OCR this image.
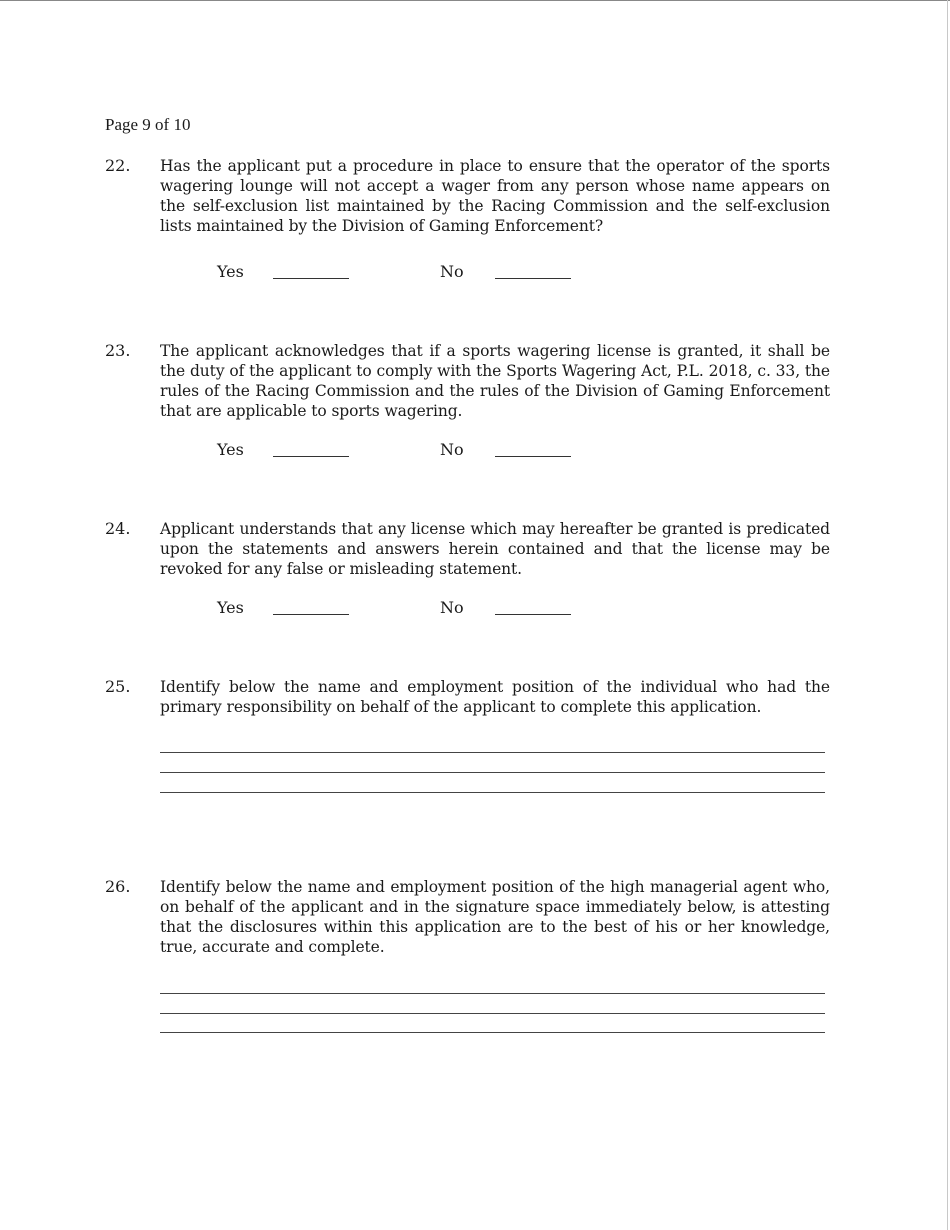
Page 9 of 10
22. Has the applicant put a procedure in place to ensure that the operator of the sports wagering lounge will not accept a wager from any person whose name appears on the self-exclusion list maintained by the Racing Commission and the self-exclusion lists maintained by the Division of Gaming Enforcement?
Yes	No
23. The applicant acknowledges that if a sports wagering license is granted, it shall be the duty of the applicant to comply with the Sports Wagering Act, P.L. 2018, c. 33, the rules of the Racing Commission and the rules of the Division of Gaming Enforcement that are applicable to sports wagering.
Yes	No
24. Applicant understands that any license which may hereafter be granted is predicated upon the statements and answers herein contained and that the license may be revoked for any false or misleading statement.
Yes	No
25. Identify below the name and employment position of the individual who had the primary responsibility on behalf of the applicant to complete this application.
26. Identify below the name and employment position of the high managerial agent who, on behalf of the applicant and in the signature space immediately below, is attesting that the disclosures within this application are to the best of his or her knowledge, true, accurate and complete.
